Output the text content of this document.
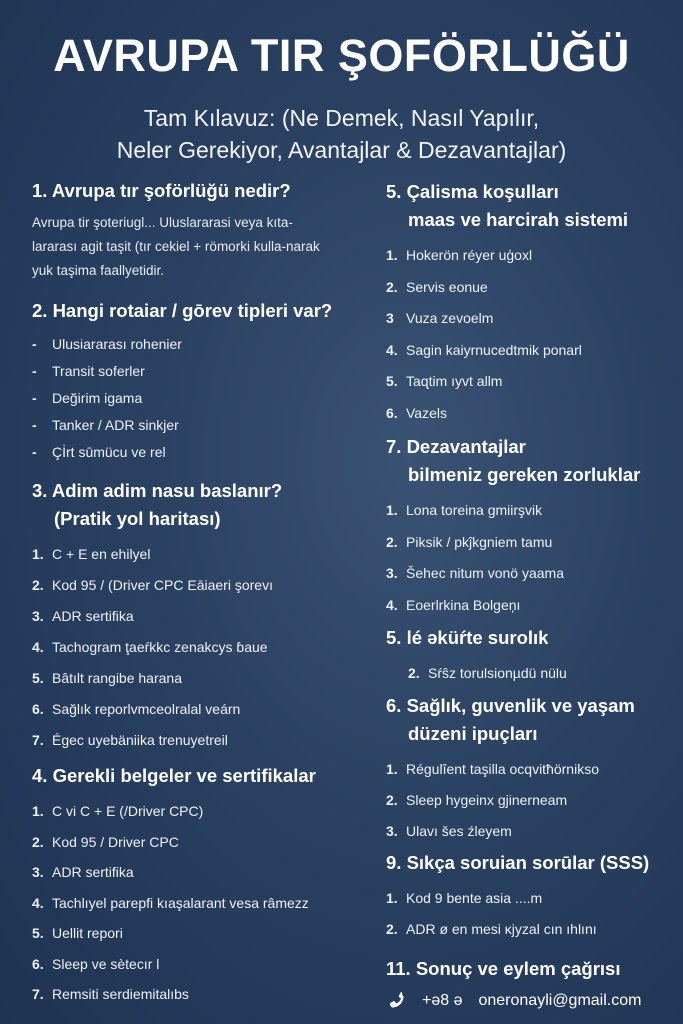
AVRUPA TIR ŞOFÖRLÜĞÜ
Tam Kılavuz: (Ne Demek, Nasıl Yapılır,
Neler Gerekiyor, Avantajlar & Dezavantajlar)
1. Avrupa tır şoförlüğü nedir?
Avrupa tir şoteriugl... Uluslararasi veya kıta-lararası agit taşit (tır cekiel + römorki kulla-narak yuk taşima faallyetidir.
2. Hangi rotaiar / gōrev tipleri var?
-	Ulusiararası rohenier
-	Transit soferler
-	Değirim igama
-	Tanker / ADR sinkjer
-	Çİrt sūmücu ve rel
3. Adim adim nasu baslanır?
(Pratik yol haritası)
1. C + E en ehilyel
2. Kod 95 / (Driver CPC Eāiaeri şorevı
3. ADR sertifika
4. Tachogram ţaeŕkkc zenakcys ɓaue
5. Bâtılt rangibe harana
6. Sağlık reporlvmceolralal veárn
7. Égec uyebäniika trenuyetreil
4. Gerekli belgeler ve sertifikalar
1. C vi C + E (/Driver CPC)
2. Kod 95 / Driver CPC
3. ADR sertifika
4. Tachlıyel parepfi kıaşalarant vesa râmezz
5. Uellit repori
6. Sleep ve sètecır l
7. Remsiti serdiemitalıbs
5. Çalisma koşulları
maas ve harcirah sistemi
1. Hokerön réyer uģoxl
2. Servis eonue
3 Vuza zevoelm
4. Sagin kaiyrnucedtmik ponarl
5. Taɋtim ıyvt allm
6. Vazels
7. Dezavantajlar
bilmeniz gereken zorluklar
1. Lona toreina gmiirşvik
2. Piksik / pkĵkgniem tamu
3. Šehec nitum vonö yaama
4. Eoerlrkina Bolgeņı
5. lé əküŕte surolık
2. Sŕŝz torulsionµdü nülu
6. Sağlık, guvenlik ve yaşam
düzeni ipuçları
1. Régulîent taşilla ocqvitħörnikso
2. Sleep hygeinx gjinerneam
3. Ulavı šes źleyem
9. Sıkça soruian sorūlar (SSS)
1. Kod 9 bente asia ....m
2. ADR ø en mesi ĸjyzal cın ıhlını
11. Sonuç ve eylem çağrısı
+ə8 ə oneronayli@gmail.com
